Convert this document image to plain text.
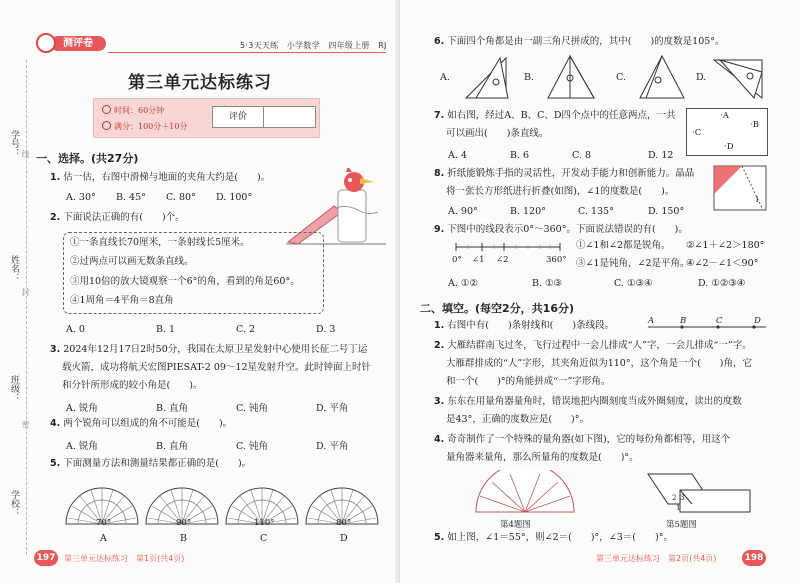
学号：
姓名：
班级：
学校：
线
封
密
测评卷	5·3天天练　小学数学　四年级上册　RJ
第三单元达标练习
时间：60分钟
满分：100分＋10分
评价
一、选择。(共27分)
1. 估一估，右图中滑梯与地面的夹角大约是(　　)。
A. 30° B. 45° C. 80° D. 100°
2. 下面说法正确的有(　　)个。
①一条直线长70厘米，一条射线长5厘米。
②过两点可以画无数条直线。
③用10倍的放大镜观察一个6°的角，看到的角是60°。
④1周角＝4平角＝8直角
A. 0	B. 1	C. 2	D. 3
3. 2024年12月17日2时50分，我国在太原卫星发射中心使用长征二号丁运
载火箭，成功将航天宏图PIESAT-2 09～12星发射升空。此时钟面上时针
和分针所形成的较小角是(　　)。
A. 锐角	B. 直角	C. 钝角	D. 平角
4. 两个锐角可以组成的角不可能是(　　)。
A. 锐角	B. 直角	C. 钝角	D. 平角
5. 下面测量方法和测量结果都正确的是(　　)。
70°	90°	110°	80°
A	B	C	D
197	第三单元达标练习　第1页(共4页)
6. 下面四个角都是由一副三角尺拼成的，其中(　　)的度数是105°。
A.	B.	C.	D.
7. 如右图，经过A、B、C、D四个点中的任意两点，一共
可以画出(　　)条直线。
A. 4	B. 6	C. 8	D. 12
·A
·B
·C
·D
8. 折纸能锻炼手指的灵活性，开发动手能力和创新能力。晶晶
将一张长方形纸进行折叠(如图)，∠1的度数是(　　)。
A. 90°	B. 120°	C. 135°	D. 150°
1
9. 下图中的线段表示0°～360°。下面说法错误的有(　　)。
0° ∠1 ∠2	360°
①∠1和∠2都是锐角。 ②∠1＋∠2＞180°
③∠1是钝角，∠2是平角。
④∠2－∠1＜90°
A. ①②	B. ①③	C. ①③④	D. ①②③④
二、填空。(每空2分，共16分)
1. 右图中有(　　)条射线和(　　)条线段。	A	B	C	D
2. 大雁结群南飞过冬，飞行过程中一会儿排成“人”字，一会儿排成“一”字。
大雁群排成的“人”字形，其夹角近似为110°，这个角是一个(　　)角，它
和一个(　　)°的角能拼成“一”字形角。
3. 东东在用量角器量角时，错误地把内圈刻度当成外圈刻度，读出的度数
是43°，正确的度数应是(　　)°。
4. 奇奇制作了一个特殊的量角器(如下图)，它的每份角都相等，用这个
量角器来量角，那么所量角的度数是(　　)°。
第4题图
2 3
1
第5题图
5. 如上图，∠1＝55°，则∠2＝(　　)°，∠3＝(　　)°。
第三单元达标练习　第2页(共4页)	198
